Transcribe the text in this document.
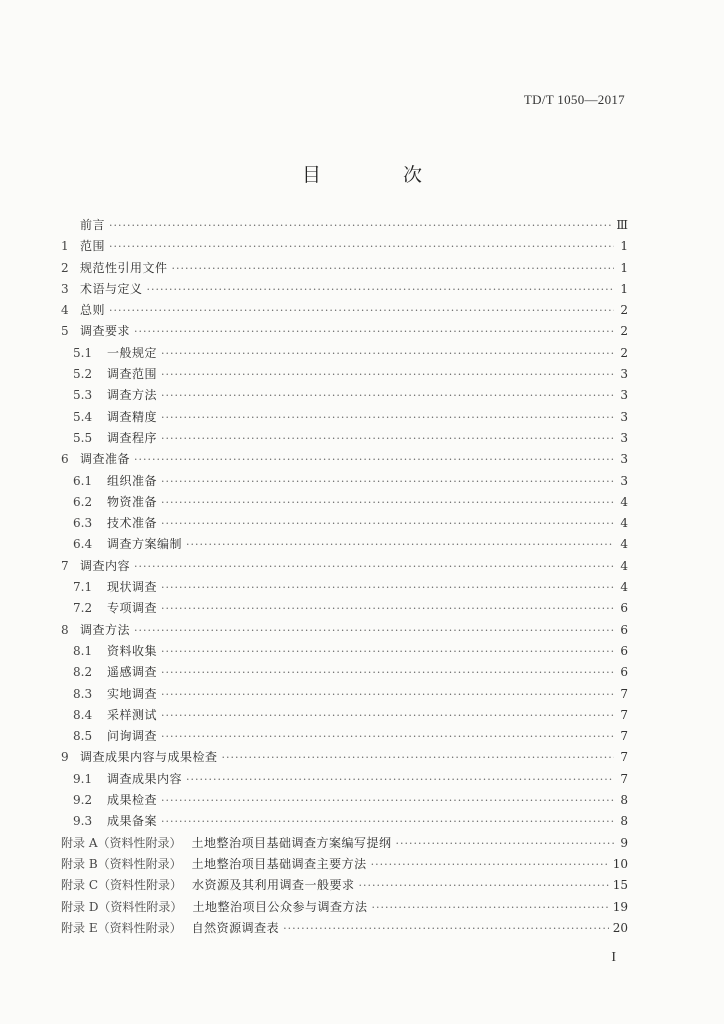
TD/T 1050—2017
目 次
前言 ·····	Ⅲ
1 范围 ·····	1
2 规范性引用文件 ·····	1
3 术语与定义 ·····	1
4 总则 ·····	2
5 调查要求 ·····	2
5.1	一般规定 ·····	2
5.2	调查范围 ·····	3
5.3	调查方法 ·····	3
5.4	调查精度 ·····	3
5.5	调查程序 ·····	3
6 调查准备 ·····	3
6.1	组织准备 ·····	3
6.2	物资准备 ·····	4
6.3	技术准备 ·····	4
6.4	调查方案编制 ·····	4
7 调查内容 ·····	4
7.1	现状调查 ·····	4
7.2	专项调查 ·····	6
8 调查方法 ·····	6
8.1	资料收集 ·····	6
8.2	遥感调查 ·····	6
8.3	实地调查 ·····	7
8.4	采样测试 ·····	7
8.5	问询调查 ·····	7
9 调查成果内容与成果检查 ·····	7
9.1	调查成果内容 ·····	7
9.2	成果检查 ·····	8
9.3	成果备案 ·····	8
附录 A（资料性附录） 土地整治项目基础调查方案编写提纲 ·····	9
附录 B（资料性附录） 土地整治项目基础调查主要方法 ·····	10
附录 C（资料性附录） 水资源及其利用调查一般要求 ·····	15
附录 D（资料性附录） 土地整治项目公众参与调查方法 ·····	19
附录 E（资料性附录） 自然资源调查表 ·····	20
I
